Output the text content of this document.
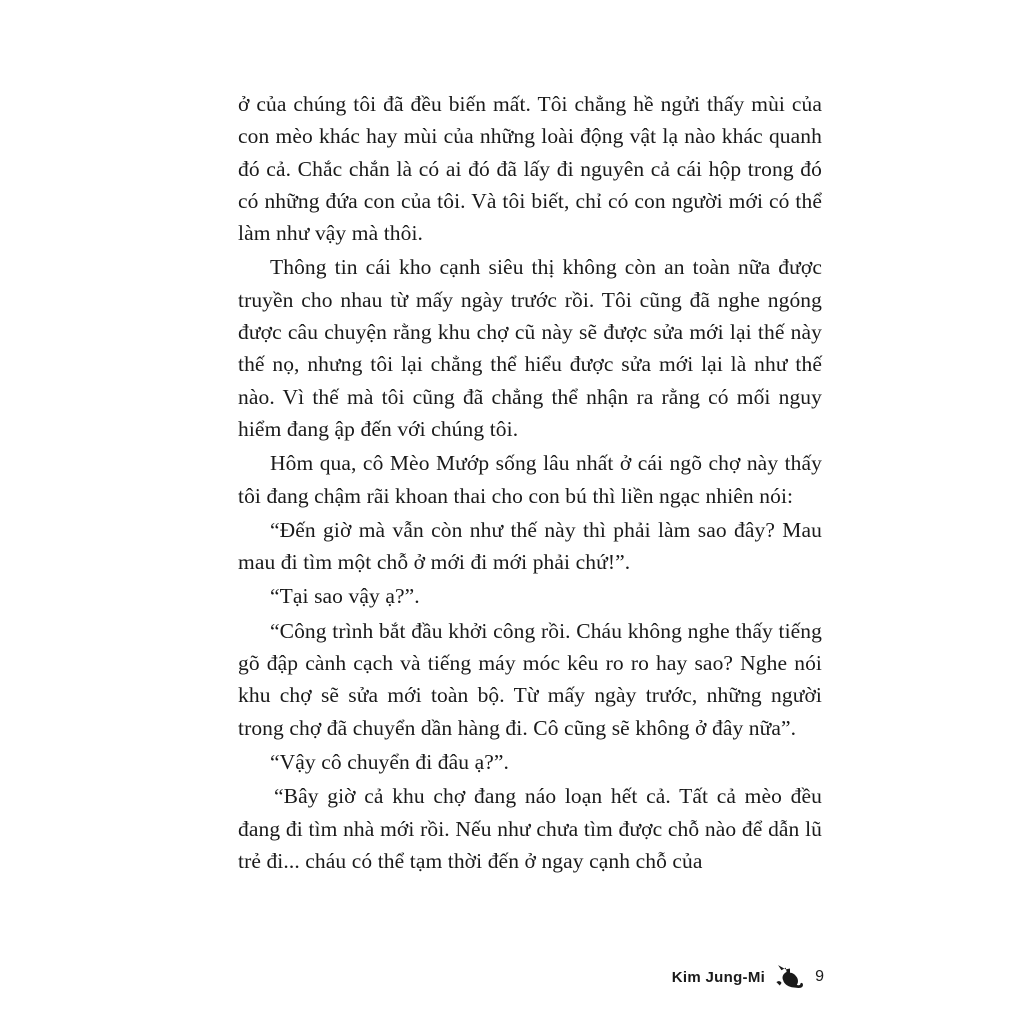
ở của chúng tôi đã đều biến mất. Tôi chẳng hề ngửi thấy mùi của con mèo khác hay mùi của những loài động vật lạ nào khác quanh đó cả. Chắc chắn là có ai đó đã lấy đi nguyên cả cái hộp trong đó có những đứa con của tôi. Và tôi biết, chỉ có con người mới có thể làm như vậy mà thôi.

Thông tin cái kho cạnh siêu thị không còn an toàn nữa được truyền cho nhau từ mấy ngày trước rồi. Tôi cũng đã nghe ngóng được câu chuyện rằng khu chợ cũ này sẽ được sửa mới lại thế này thế nọ, nhưng tôi lại chẳng thể hiểu được sửa mới lại là như thế nào. Vì thế mà tôi cũng đã chẳng thể nhận ra rằng có mối nguy hiểm đang ập đến với chúng tôi.

Hôm qua, cô Mèo Mướp sống lâu nhất ở cái ngõ chợ này thấy tôi đang chậm rãi khoan thai cho con bú thì liền ngạc nhiên nói:

“Đến giờ mà vẫn còn như thế này thì phải làm sao đây? Mau mau đi tìm một chỗ ở mới đi mới phải chứ!”.

“Tại sao vậy ạ?”.

“Công trình bắt đầu khởi công rồi. Cháu không nghe thấy tiếng gõ đập cành cạch và tiếng máy móc kêu ro ro hay sao? Nghe nói khu chợ sẽ sửa mới toàn bộ. Từ mấy ngày trước, những người trong chợ đã chuyển dần hàng đi. Cô cũng sẽ không ở đây nữa”.

“Vậy cô chuyển đi đâu ạ?”.

“Bây giờ cả khu chợ đang náo loạn hết cả. Tất cả mèo đều đang đi tìm nhà mới rồi. Nếu như chưa tìm được chỗ nào để dẫn lũ trẻ đi... cháu có thể tạm thời đến ở ngay cạnh chỗ của

Kim Jung-Mi	9
